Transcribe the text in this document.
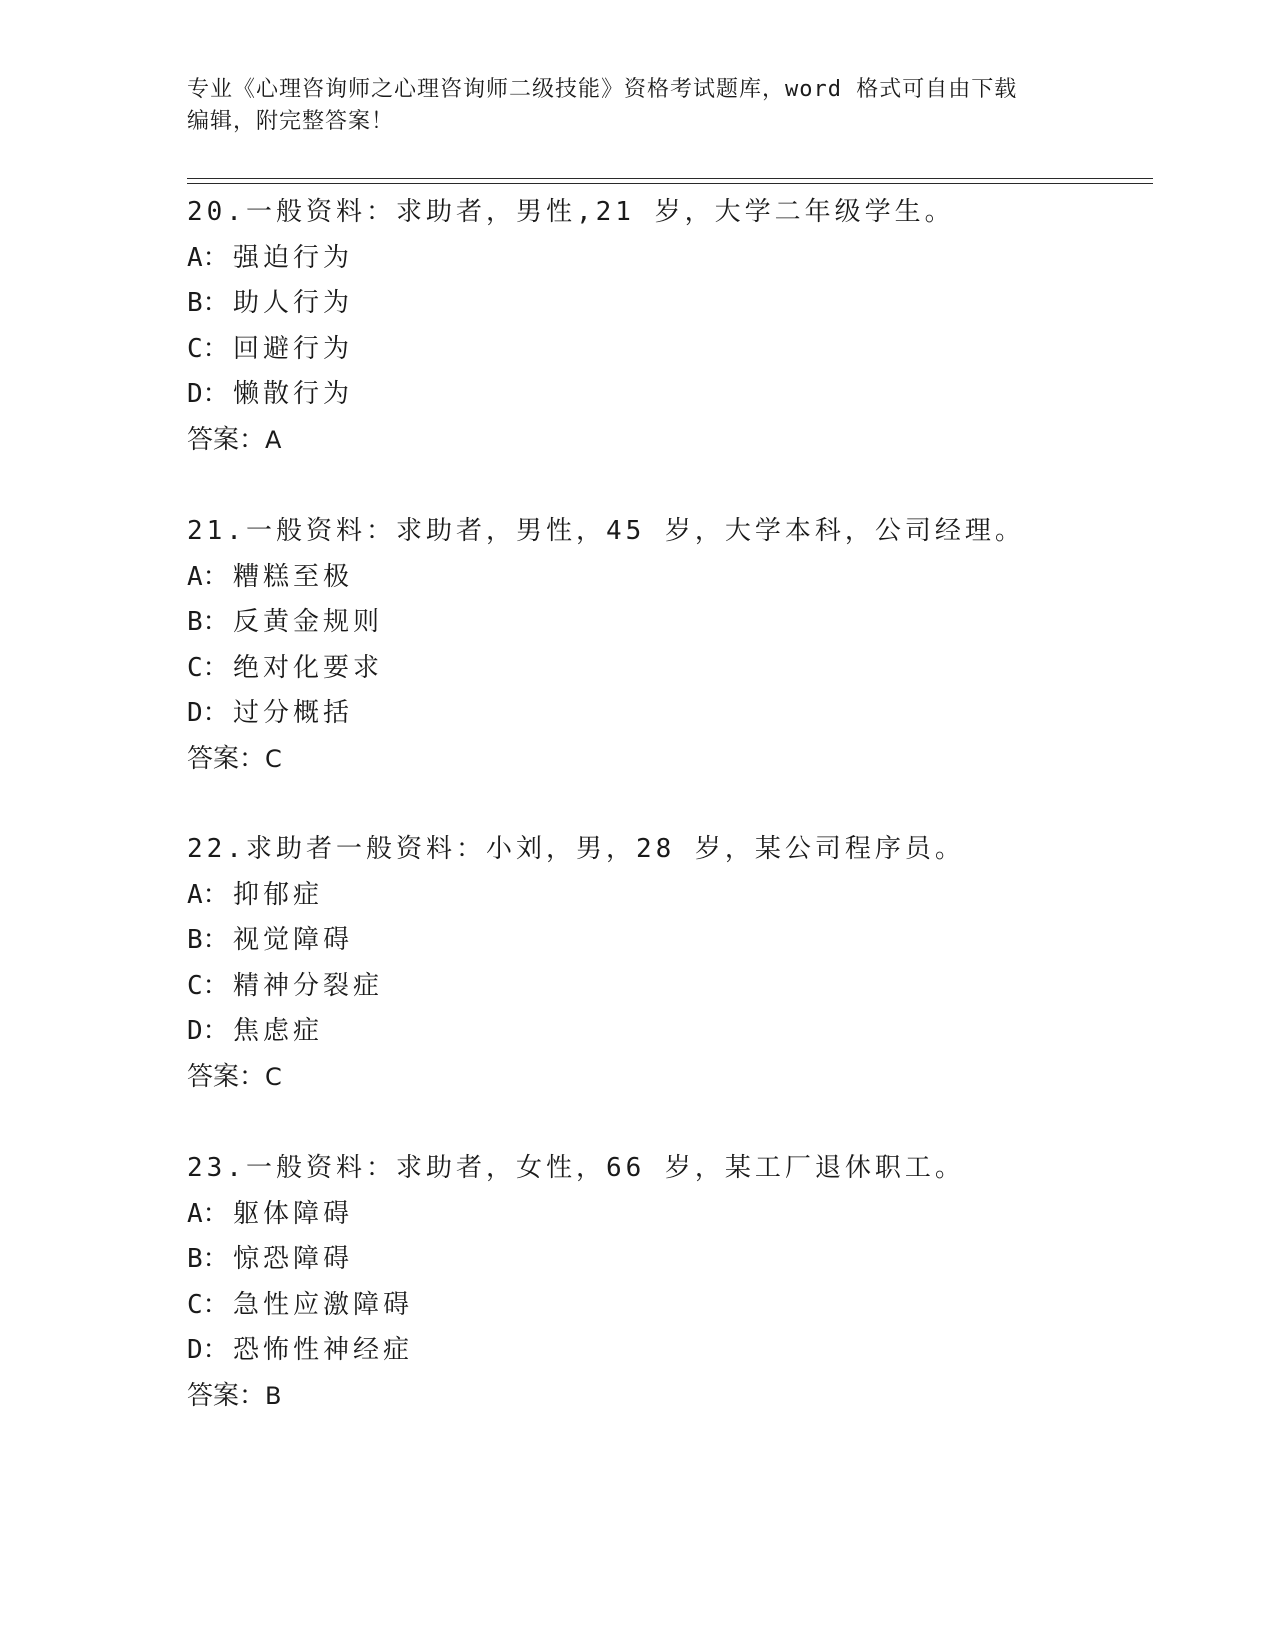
专业《心理咨询师之心理咨询师二级技能》资格考试题库，word 格式可自由下载
编辑，附完整答案！
20.一般资料：求助者，男性,21 岁，大学二年级学生。
A： 强迫行为
B： 助人行为
C： 回避行为
D： 懒散行为
答案：A
21.一般资料：求助者，男性，45 岁，大学本科，公司经理。
A： 糟糕至极
B： 反黄金规则
C： 绝对化要求
D： 过分概括
答案：C
22.求助者一般资料：小刘，男，28 岁，某公司程序员。
A： 抑郁症
B： 视觉障碍
C： 精神分裂症
D： 焦虑症
答案：C
23.一般资料：求助者，女性，66 岁，某工厂退休职工。
A： 躯体障碍
B： 惊恐障碍
C： 急性应激障碍
D： 恐怖性神经症
答案：B
